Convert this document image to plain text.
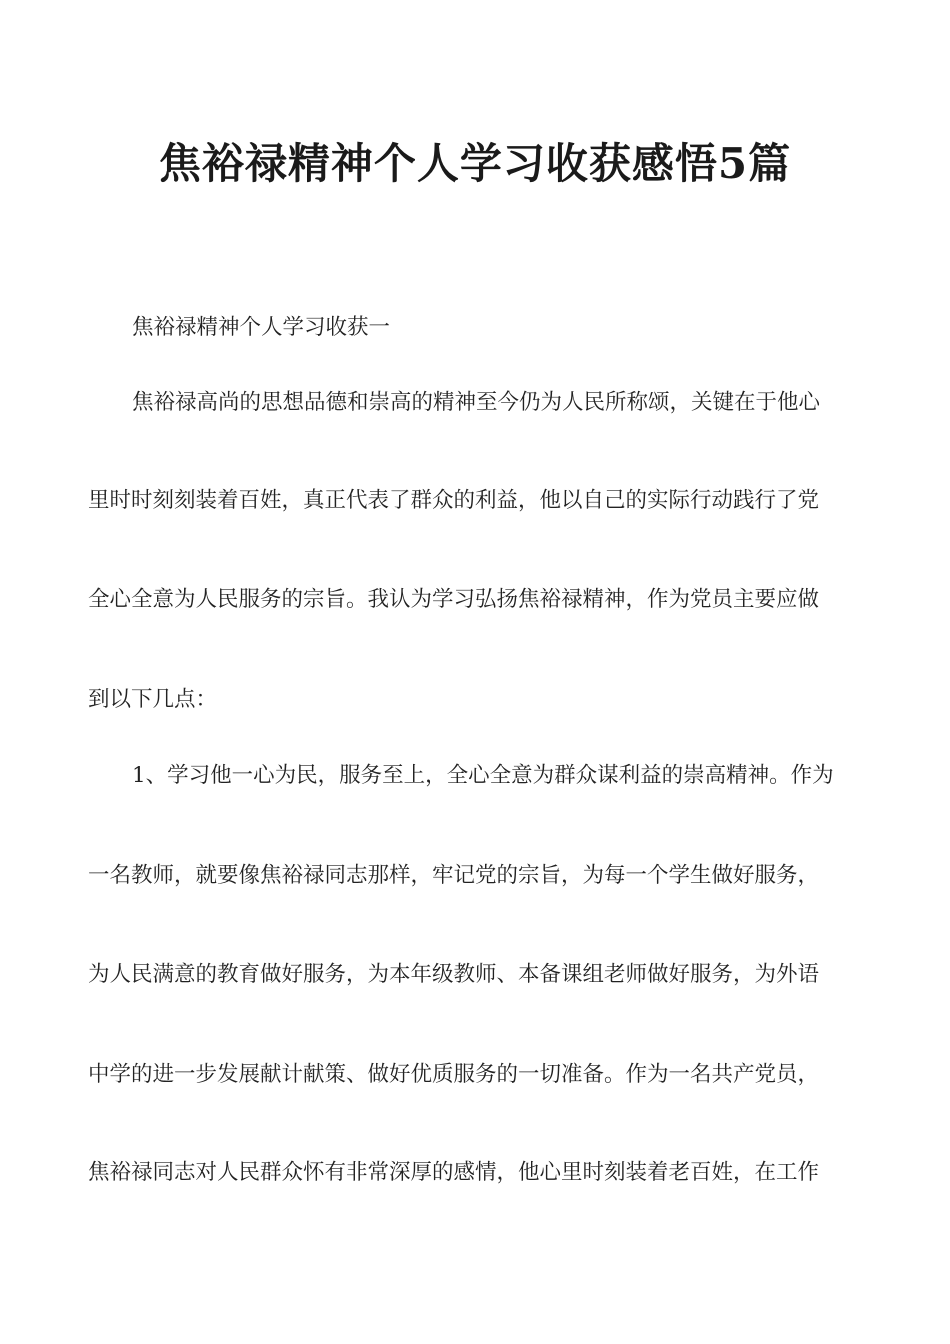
焦裕禄精神个人学习收获感悟5篇

焦裕禄精神个人学习收获一

焦裕禄高尚的思想品德和崇高的精神至今仍为人民所称颂，关键在于他心

里时时刻刻装着百姓，真正代表了群众的利益，他以自己的实际行动践行了党

全心全意为人民服务的宗旨。我认为学习弘扬焦裕禄精神，作为党员主要应做

到以下几点：

1、学习他一心为民，服务至上，全心全意为群众谋利益的崇高精神。作为

一名教师，就要像焦裕禄同志那样，牢记党的宗旨，为每一个学生做好服务，

为人民满意的教育做好服务，为本年级教师、本备课组老师做好服务，为外语

中学的进一步发展献计献策、做好优质服务的一切准备。作为一名共产党员，

焦裕禄同志对人民群众怀有非常深厚的感情，他心里时刻装着老百姓，在工作
